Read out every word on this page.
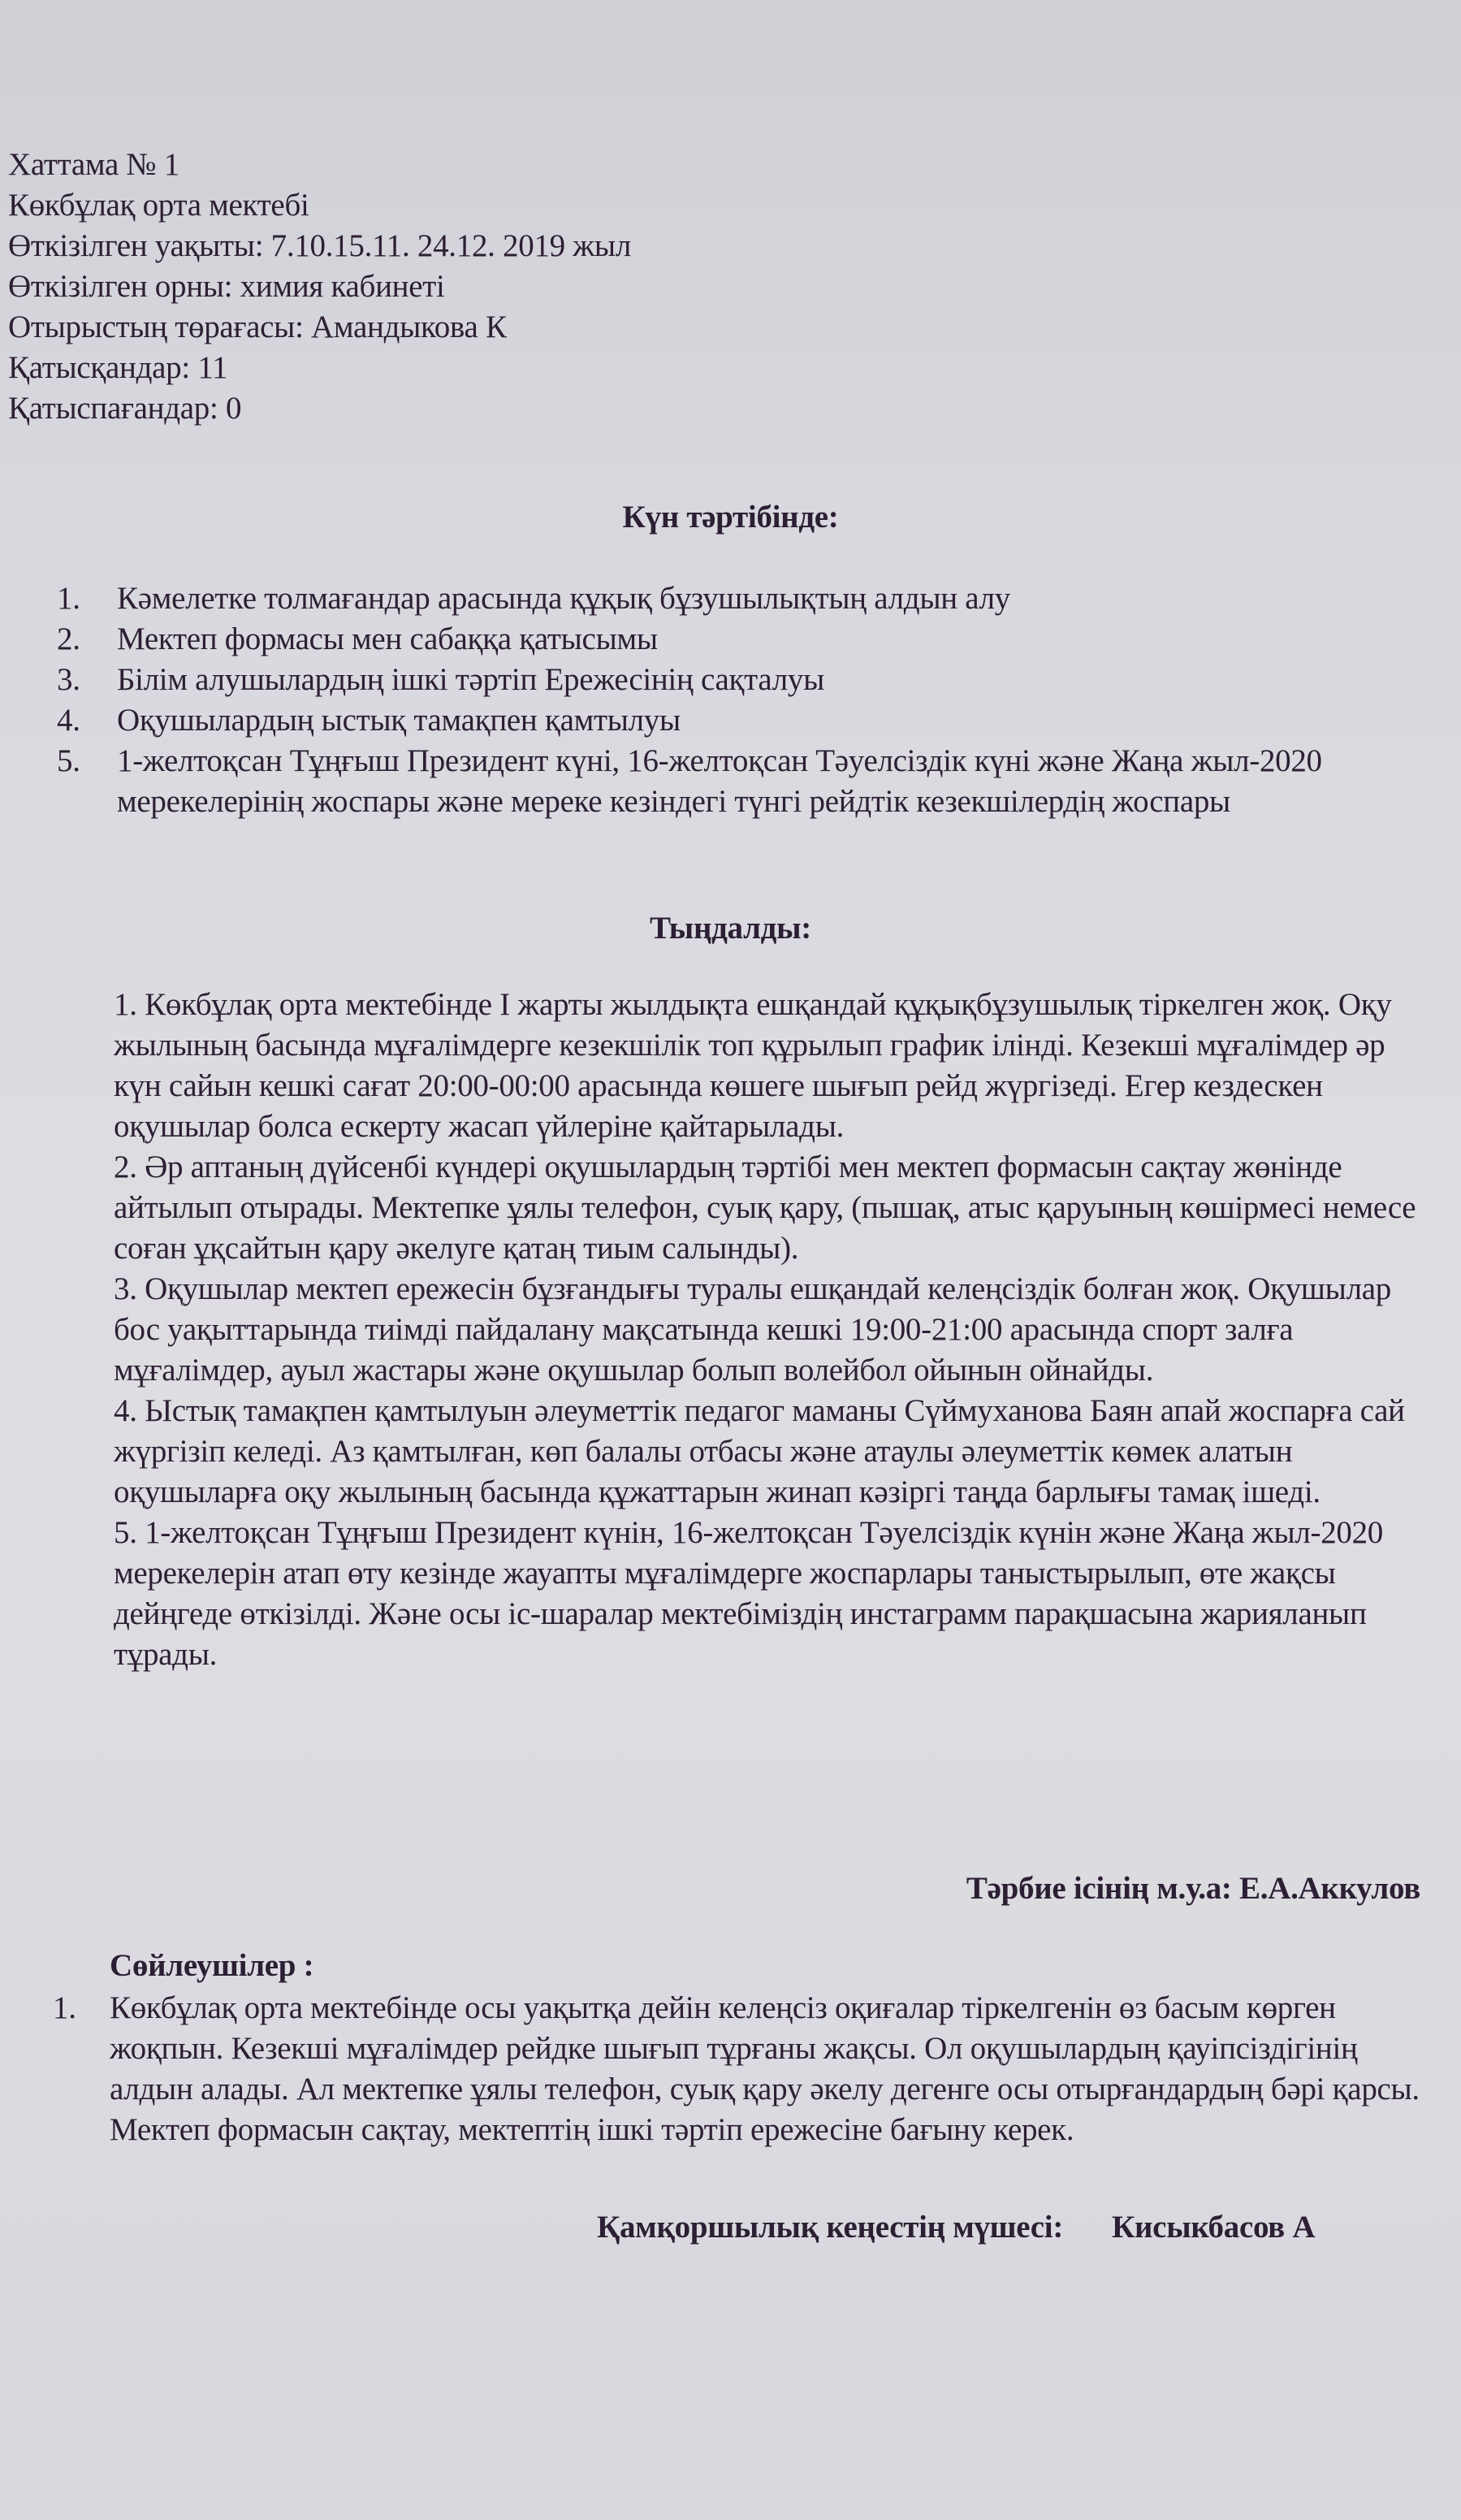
Хаттама № 1
Көкбұлақ орта мектебі
Өткізілген уақыты: 7.10.15.11. 24.12. 2019 жыл
Өткізілген орны: химия кабинеті
Отырыстың төрағасы: Амандыкова К
Қатысқандар: 11
Қатыспағандар: 0
Күн тәртібінде:
1.	Кәмелетке толмағандар арасында құқық бұзушылықтың алдын алу
2.	Мектеп формасы мен сабаққа қатысымы
3.	Білім алушылардың ішкі тәртіп Ережесінің сақталуы
4.	Оқушылардың ыстық тамақпен қамтылуы
5.	1-желтоқсан Тұңғыш Президент күні, 16-желтоқсан Тәуелсіздік күні және Жаңа жыл-2020 мерекелерінің жоспары және мереке кезіндегі түнгі рейдтік кезекшілердің жоспары
Тыңдалды:

1. Көкбұлақ орта мектебінде І жарты жылдықта ешқандай құқықбұзушылық тіркелген жоқ. Оқу жылының басында мұғалімдерге кезекшілік топ құрылып график ілінді. Кезекші мұғалімдер әр күн сайын кешкі сағат 20:00-00:00 арасында көшеге шығып рейд жүргізеді. Егер кездескен оқушылар болса ескерту жасап үйлеріне қайтарылады.

2. Әр аптаның дүйсенбі күндері оқушылардың тәртібі мен мектеп формасын сақтау жөнінде айтылып отырады. Мектепке ұялы телефон, суық қару, (пышақ, атыс қаруының көшірмесі немесе соған ұқсайтын қару әкелуге қатаң тиым салынды).

3. Оқушылар мектеп ережесін бұзғандығы туралы ешқандай келеңсіздік болған жоқ. Оқушылар бос уақыттарында тиімді пайдалану мақсатында кешкі 19:00-21:00 арасында спорт залға мұғалімдер, ауыл жастары және оқушылар болып волейбол ойынын ойнайды.

4. Ыстық тамақпен қамтылуын әлеуметтік педагог маманы Сүймуханова Баян апай жоспарға сай жүргізіп келеді. Аз қамтылған, көп балалы отбасы және атаулы әлеуметтік көмек алатын оқушыларға оқу жылының басында құжаттарын жинап кәзіргі таңда барлығы тамақ ішеді.

5. 1-желтоқсан Тұңғыш Президент күнін, 16-желтоқсан Тәуелсіздік күнін және Жаңа жыл-2020 мерекелерін атап өту кезінде жауапты мұғалімдерге жоспарлары таныстырылып, өте жақсы дейңгеде өткізілді. Және осы іс-шаралар мектебіміздің инстаграмм парақшасына жарияланып тұрады.

Тәрбие ісінің м.у.а: Е.А.Аккулов
Сөйлеушілер :
1.	Көкбұлақ орта мектебінде осы уақытқа дейін келеңсіз оқиғалар тіркелгенін өз басым көрген жоқпын. Кезекші мұғалімдер рейдке шығып тұрғаны жақсы. Ол оқушылардың қауіпсіздігінің алдын алады. Ал мектепке ұялы телефон, суық қару әкелу дегенге осы отырғандардың бәрі қарсы. Мектеп формасын сақтау, мектептің ішкі тәртіп ережесіне бағыну керек.
Қамқоршылық кеңестің мүшесі: Кисыкбасов А
